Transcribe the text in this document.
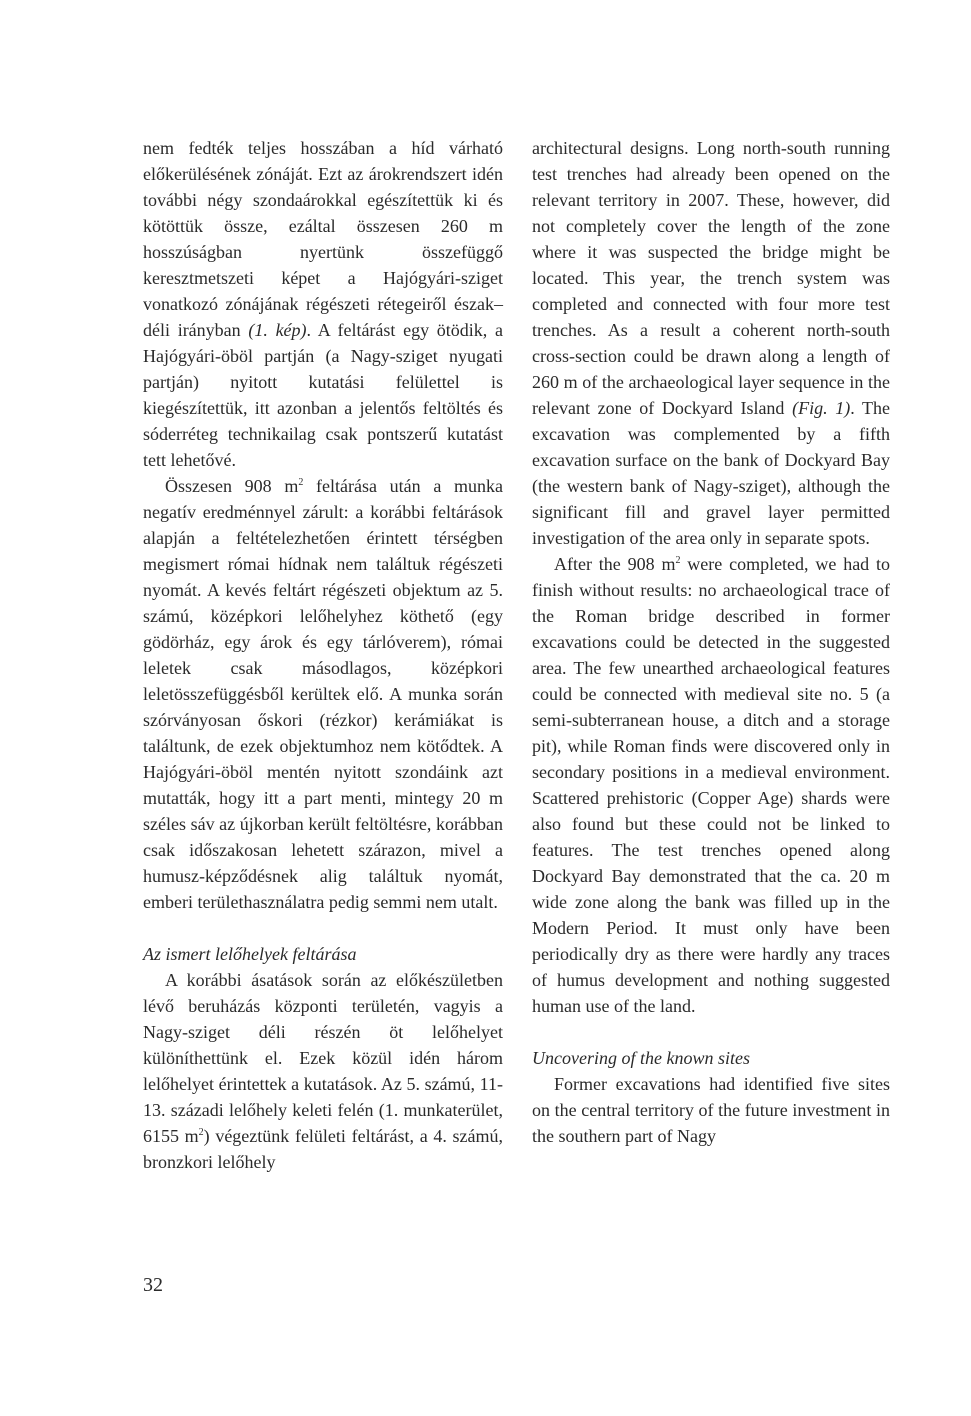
nem fedték teljes hosszában a híd várható előkerülésének zónáját. Ezt az árokrendszert idén további négy szondaárokkal egészítettük ki és kötöttük össze, ezáltal összesen 260 m hosszúságban nyertünk összefüggő keresztmetszeti képet a Hajógyári-sziget vonatkozó zónájának régészeti rétegeiről észak–déli irányban (1. kép). A feltárást egy ötödik, a Hajógyári-öböl partján (a Nagy-sziget nyugati partján) nyitott kutatási felülettel is kiegészítettük, itt azonban a jelentős feltöltés és sóderréteg technikailag csak pontszerű kutatást tett lehetővé.

Összesen 908 $m^2$ feltárása után a munka negatív eredménnyel zárult: a korábbi feltárások alapján a feltételezhetően érintett térségben megismert római hídnak nem találtuk régészeti nyomát. A kevés feltárt régészeti objektum az 5. számú, középkori lelőhelyhez köthető (egy gödörház, egy árok és egy tárlóverem), római leletek csak másodlagos, középkori leletösszefüggésből kerültek elő. A munka során szórványosan őskori (rézkor) kerámiákat is találtunk, de ezek objektumhoz nem kötődtek. A Hajógyári-öböl mentén nyitott szondáink azt mutatták, hogy itt a part menti, mintegy 20 m széles sáv az újkorban került feltöltésre, korábban csak időszakosan lehetett szárazon, mivel a humusz-képződésnek alig találtuk nyomát, emberi területhasználatra pedig semmi nem utalt.

Az ismert lelőhelyek feltárása

A korábbi ásatások során az előkészületben lévő beruházás központi területén, vagyis a Nagy-sziget déli részén öt lelőhelyet különíthettünk el. Ezek közül idén három lelőhelyet érintettek a kutatások. Az 5. számú, 11-13. századi lelőhely keleti felén (1. munkaterület, 6155 $m^2$) végeztünk felületi feltárást, a 4. számú, bronzkori lelőhely

architectural designs. Long north-south running test trenches had already been opened on the relevant territory in 2007. These, however, did not completely cover the length of the zone where it was suspected the bridge might be located. This year, the trench system was completed and connected with four more test trenches. As a result a coherent north-south cross-section could be drawn along a length of 260 m of the archaeological layer sequence in the relevant zone of Dockyard Island (Fig. 1). The excavation was complemented by a fifth excavation surface on the bank of Dockyard Bay (the western bank of Nagy-sziget), although the significant fill and gravel layer permitted investigation of the area only in separate spots.

After the 908 $m^2$ were completed, we had to finish without results: no archaeological trace of the Roman bridge described in former excavations could be detected in the suggested area. The few unearthed archaeological features could be connected with medieval site no. 5 (a semi-subterranean house, a ditch and a storage pit), while Roman finds were discovered only in secondary positions in a medieval environment. Scattered prehistoric (Copper Age) shards were also found but these could not be linked to features. The test trenches opened along Dockyard Bay demonstrated that the ca. 20 m wide zone along the bank was filled up in the Modern Period. It must only have been periodically dry as there were hardly any traces of humus development and nothing suggested human use of the land.

Uncovering of the known sites

Former excavations had identified five sites on the central territory of the future investment in the southern part of Nagy

32
